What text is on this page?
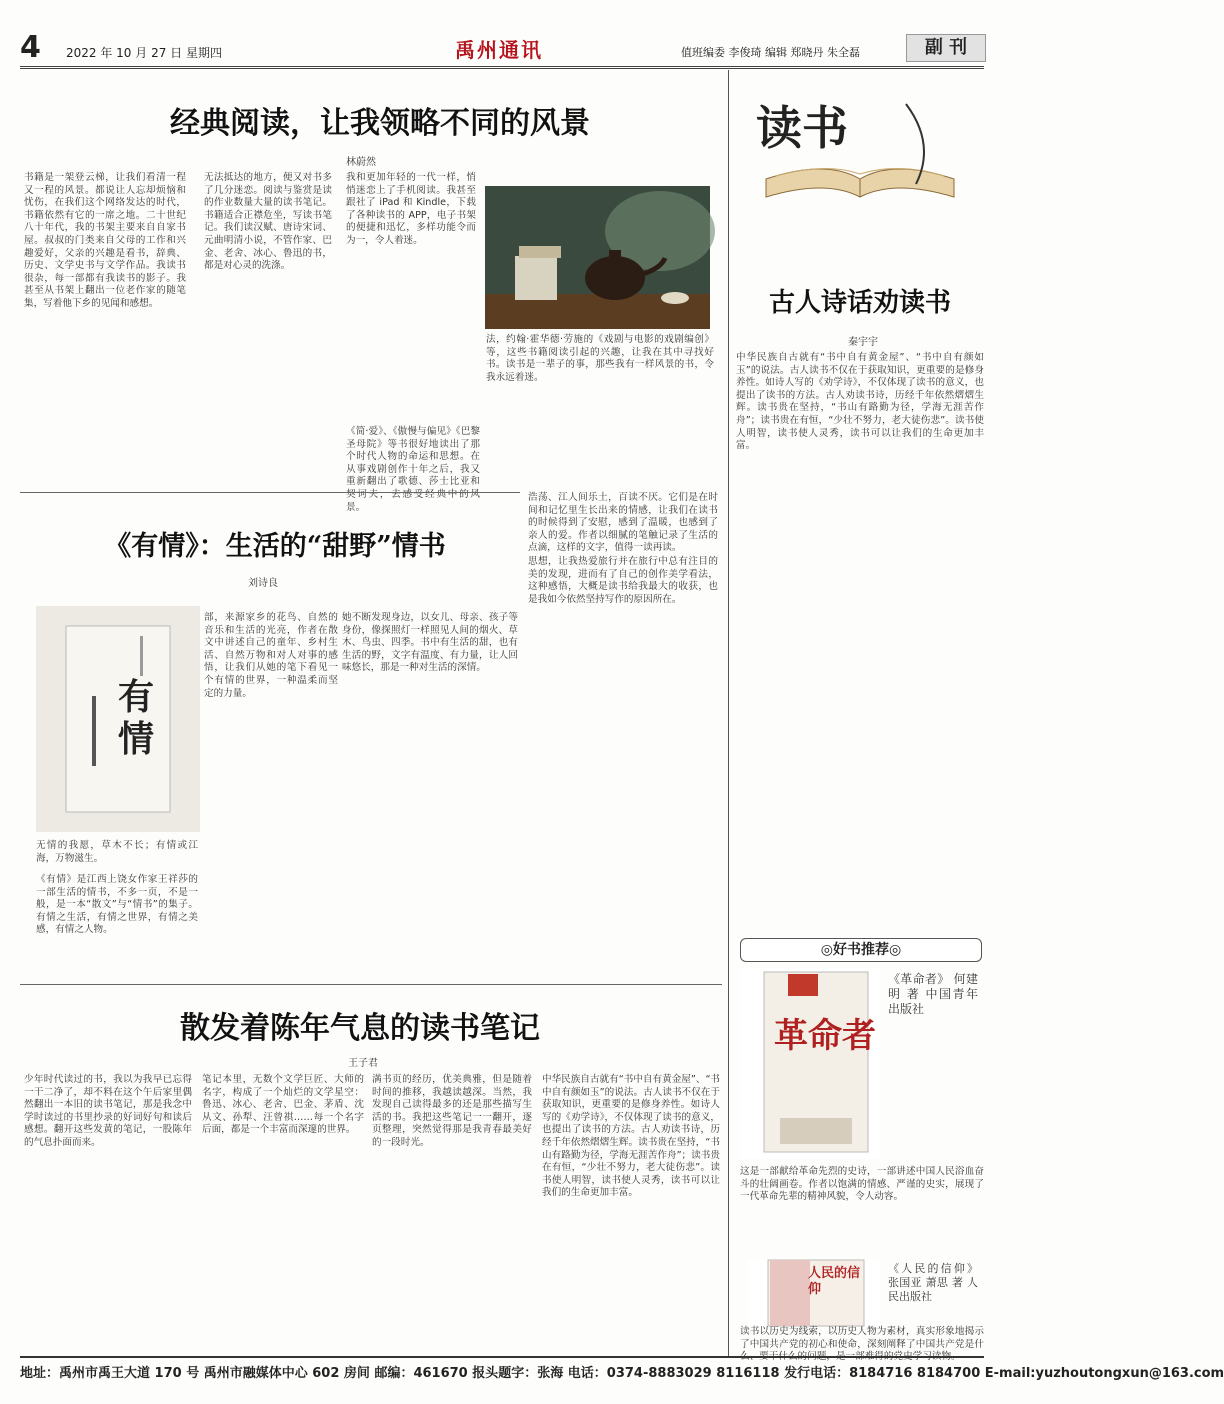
4 2022 年 10 月 27 日 星期四	禹州通讯	值班编委 李俊琦 编辑 郑晓丹 朱全磊	副 刊
经典阅读，让我领略不同的风景
林蔚然
书籍是一架登云梯，让我们看清一程又一程的风景。都说让人忘却烦恼和忧伤，在我们这个网络发达的时代，书籍依然有它的一席之地。二十世纪八十年代，我的书架主要来自自家书屋。叔叔的门类来自父母的工作和兴趣爱好，父亲的兴趣是看书，辞典、历史、文学史书与文学作品。我读书很杂，每一部都有我读书的影子。我甚至从书架上翻出一位老作家的随笔集，写着他下乡的见闻和感想。
无法抵达的地方，便又对书多了几分迷恋。阅读与鉴赏是读的作业数量大量的读书笔记。书籍适合正襟危坐，写读书笔记。我们读汉赋、唐诗宋词、元曲明清小说，不管作家、巴金、老舍、冰心、鲁迅的书，都是对心灵的洗涤。
我和更加年轻的一代一样，悄悄迷恋上了手机阅读。我甚至跟社了 iPad 和 Kindle，下载了各种读书的 APP，电子书架的便捷和迅忆，多样功能令而为一，令人着迷。
法，约翰·霍华德·劳施的《戏剧与电影的戏剧编创》等，这些书籍阅读引起的兴趣，让我在其中寻找好书。读书是一辈子的事，那些我有一样风景的书，令我永远着迷。
《简·爱》、《傲慢与偏见》《巴黎圣母院》等书很好地读出了那个时代人物的命运和思想。在从事戏剧创作十年之后，我又重新翻出了歌德、莎士比亚和契诃夫，去感受经典中的风景。
读书
古人诗话劝读书
秦宇宇
中华民族自古就有“书中自有黄金屋”、“书中自有颜如玉”的说法。古人读书不仅在于获取知识，更重要的是修身养性。如诗人写的《劝学诗》，不仅体现了读书的意义，也提出了读书的方法。古人劝读书诗，历经千年依然熠熠生辉。读书贵在坚持，“书山有路勤为径，学海无涯苦作舟”；读书贵在有恒，“少壮不努力，老大徒伤悲”。读书使人明智，读书使人灵秀，读书可以让我们的生命更加丰富。
浩荡、江人间乐土，百读不厌。它们是在时间和记忆里生长出来的情感，让我们在读书的时候得到了安慰，感到了温暖，也感到了亲人的爱。作者以细腻的笔触记录了生活的点滴，这样的文字，值得一读再读。
《有情》：生活的“甜野”情书
刘诗良
有情
无情的我愿，草木不长；有情或江海，万物滋生。
《有情》是江西上饶女作家王祥莎的一部生活的情书，不多一页，不是一般，是一本“散文”与“情书”的集子。有情之生活，有情之世界，有情之美感，有情之人物。
部，来源家乡的花鸟、自然的音乐和生活的光亮，作者在散文中讲述自己的童年、乡村生活、自然万物和对人对事的感悟，让我们从她的笔下看见一个有情的世界，一种温柔而坚定的力量。
她不断发现身边，以女儿、母亲、孩子等身份，像探照灯一样照见人间的烟火、草木、鸟虫、四季。书中有生活的甜，也有生活的野，文字有温度、有力量，让人回味悠长，那是一种对生活的深情。
思想，让我热爱旅行并在旅行中总有注目的美的发现，进而有了自己的创作美学看法，这种感悟，大概是读书给我最大的收获，也是我如今依然坚持写作的原因所在。
散发着陈年气息的读书笔记
王子君
少年时代读过的书，我以为我早已忘得一干二净了，却不料在这个午后家里偶然翻出一本旧的读书笔记，那是我念中学时读过的书里抄录的好词好句和读后感想。翻开这些发黄的笔记，一股陈年的气息扑面而来。
笔记本里，无数个文学巨匠、大师的名字，构成了一个灿烂的文学星空：鲁迅、冰心、老舍、巴金、茅盾、沈从文、孙犁、汪曾祺……每一个名字后面，都是一个丰富而深邃的世界。
满书页的经历，优美典雅，但是随着时间的推移，我越读越深。当然，我发现自己读得最多的还是那些描写生活的书。我把这些笔记一一翻开，逐页整理，突然觉得那是我青春最美好的一段时光。
中华民族自古就有“书中自有黄金屋”、“书中自有颜如玉”的说法。古人读书不仅在于获取知识，更重要的是修身养性。如诗人写的《劝学诗》，不仅体现了读书的意义，也提出了读书的方法。古人劝读书诗，历经千年依然熠熠生辉。读书贵在坚持，“书山有路勤为径，学海无涯苦作舟”；读书贵在有恒，“少壮不努力，老大徒伤悲”。读书使人明智，读书使人灵秀，读书可以让我们的生命更加丰富。
◎好书推荐◎
革命者
《革命者》 何建明 著 中国青年出版社
这是一部献给革命先烈的史诗，一部讲述中国人民浴血奋斗的壮阔画卷。作者以饱满的情感、严谨的史实，展现了一代革命先辈的精神风貌，令人动容。
人民的信仰
《人民的信仰》 张国亚 萧思 著 人民出版社
读书以历史为线索，以历史人物为素材，真实形象地揭示了中国共产党的初心和使命，深刻阐释了中国共产党是什么、要干什么的问题，是一部难得的党史学习读物。
地址：禹州市禹王大道 170 号 禹州市融媒体中心 602 房间 邮编：461670 报头题字：张海 电话：0374-8883029 8116118 发行电话：8184716 8184700 E-mail:yuzhoutongxun@163.com
